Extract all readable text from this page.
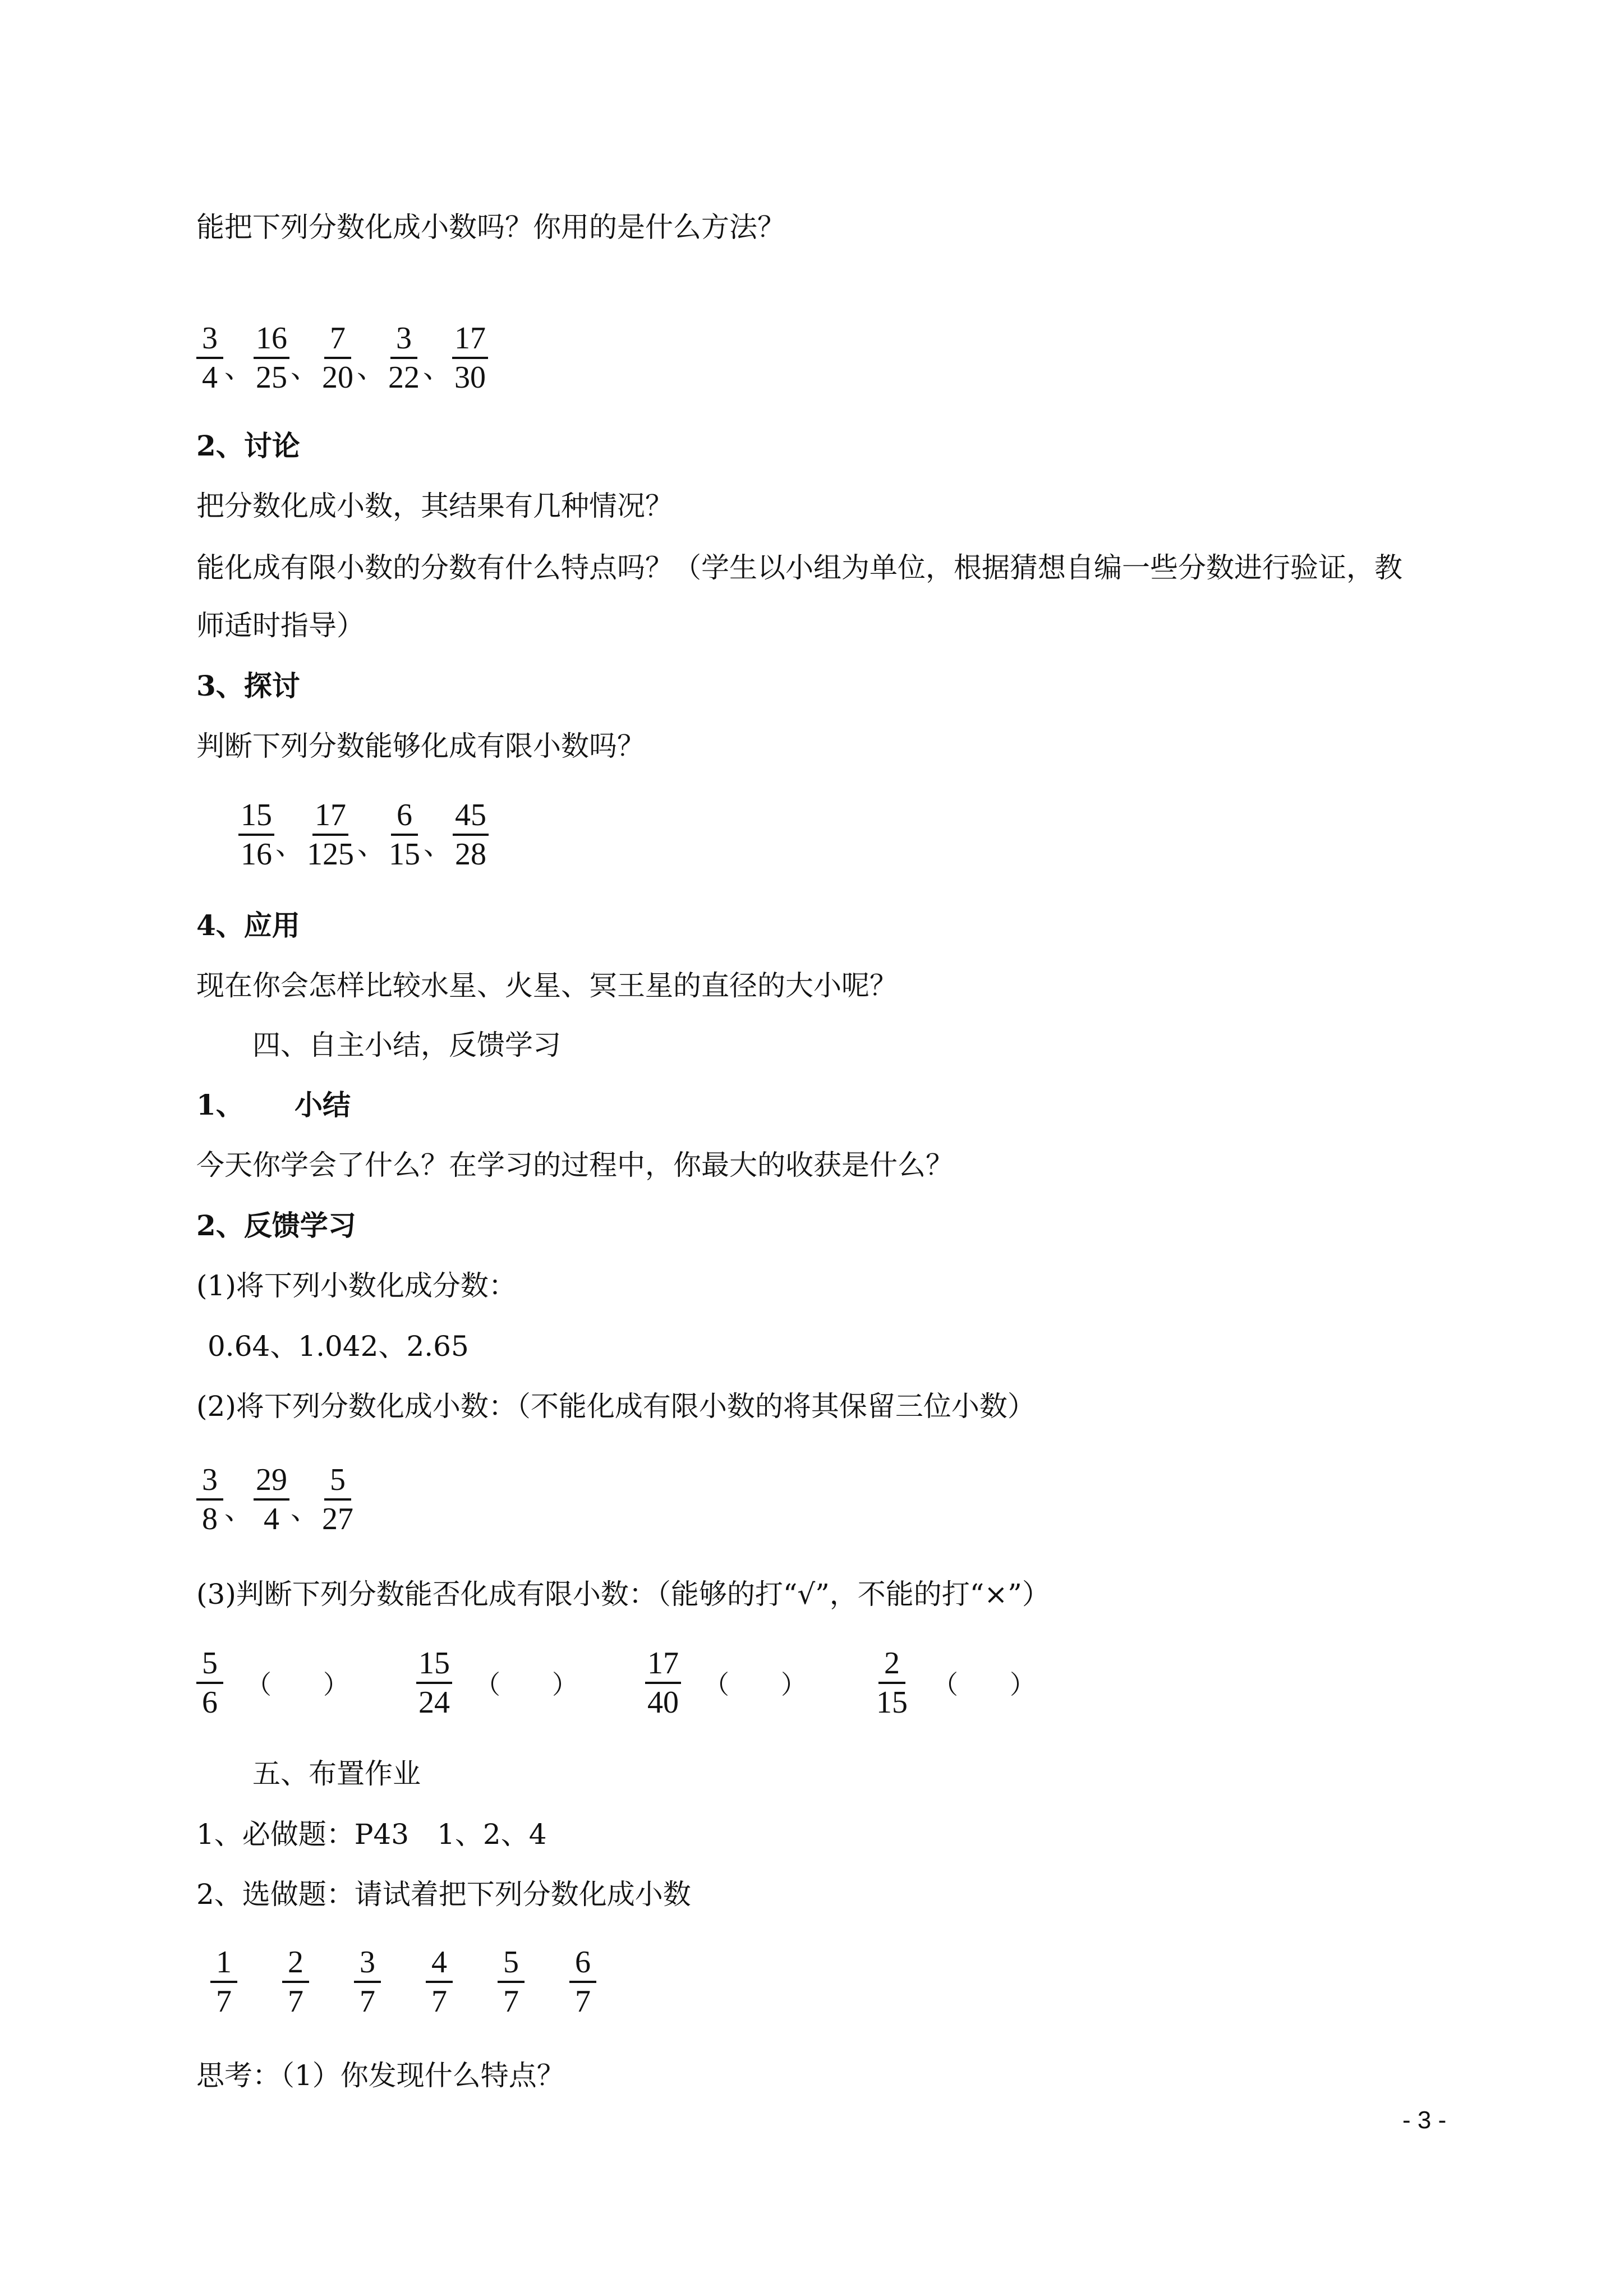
能把下列分数化成小数吗？你用的是什么方法？
$\frac{3}{4}$ 、 $\frac{16}{25}$ 、 $\frac{7}{20}$ 、 $\frac{3}{22}$ 、 $\frac{17}{30}$
2、讨论
把分数化成小数，其结果有几种情况？
能化成有限小数的分数有什么特点吗？（学生以小组为单位，根据猜想自编一些分数进行验证，教
师适时指导）
3、探讨
判断下列分数能够化成有限小数吗？
$\frac{15}{16}$ 、 $\frac{17}{125}$ 、 $\frac{6}{15}$ 、 $\frac{45}{28}$
4、应用
现在你会怎样比较水星、火星、冥王星的直径的大小呢？
四、自主小结，反馈学习
1、 小结
今天你学会了什么？在学习的过程中，你最大的收获是什么？
2、反馈学习
(1)将下列小数化成分数：
0.64、1.042、2.65
(2)将下列分数化成小数：（不能化成有限小数的将其保留三位小数）
$\frac{3}{8}$ 、 $\frac{29}{4}$ 、 $\frac{5}{27}$
(3)判断下列分数能否化成有限小数：（能够的打“√”，不能的打“×”）
$\frac{5}{6}$ （　　） $\frac{15}{24}$ （　　） $\frac{17}{40}$ （　　） $\frac{2}{15}$ （　　）
五、布置作业
1、必做题：P43　1、2、4
2、选做题：请试着把下列分数化成小数
$\frac{1}{7} \frac{2}{7} \frac{3}{7} \frac{4}{7} \frac{5}{7} \frac{6}{7}$
思考：（1）你发现什么特点？
- 3 -
